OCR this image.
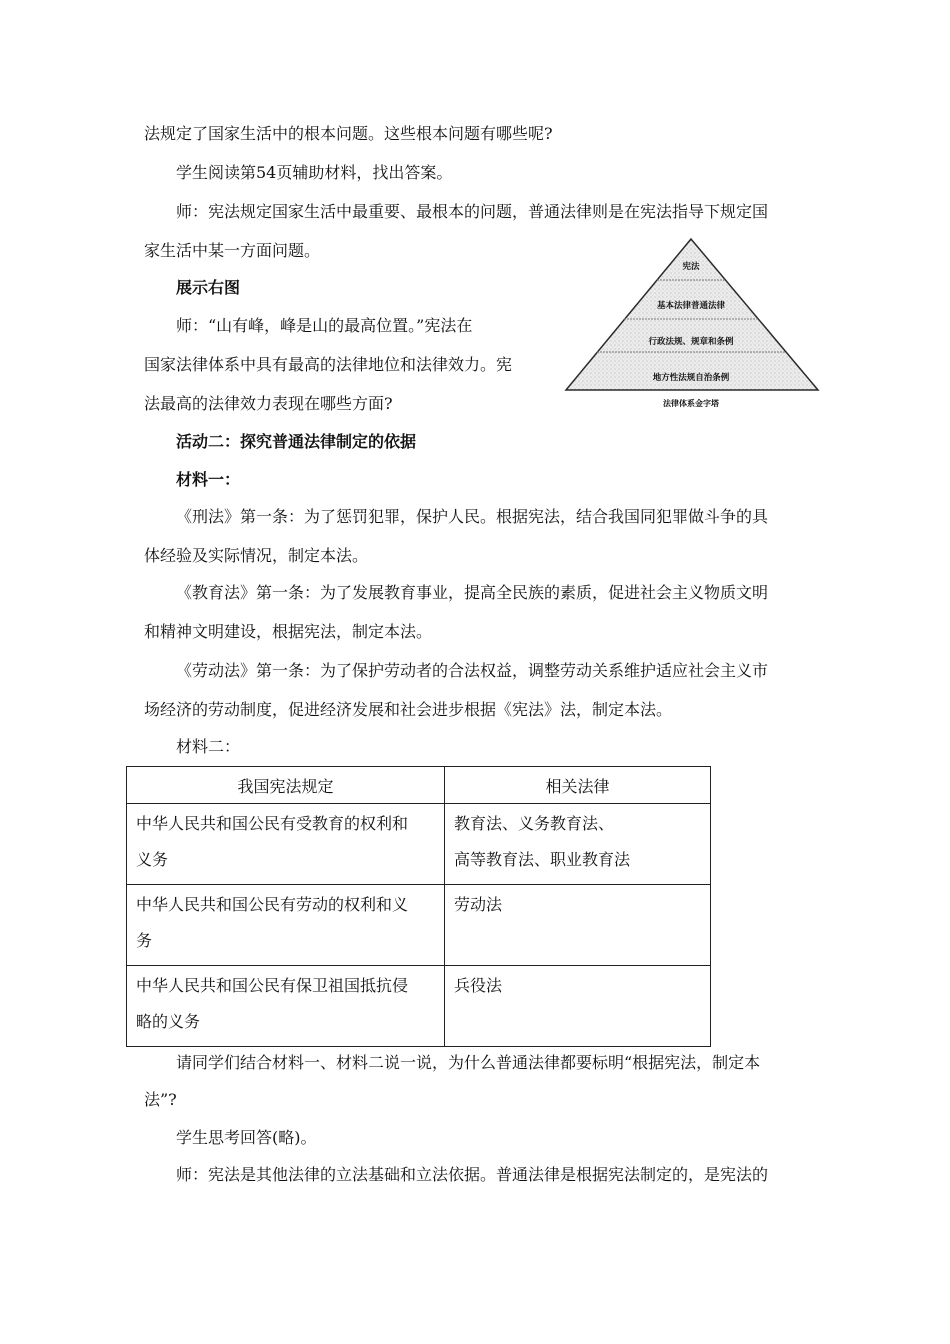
法规定了国家生活中的根本问题。这些根本问题有哪些呢?

学生阅读第54页辅助材料，找出答案。

师：宪法规定国家生活中最重要、最根本的问题，普通法律则是在宪法指导下规定国

家生活中某一方面问题。

展示右图

师：“山有峰，峰是山的最高位置。”宪法在

国家法律体系中具有最高的法律地位和法律效力。宪

法最高的法律效力表现在哪些方面?

活动二：探究普通法律制定的依据

材料一：

《刑法》第一条：为了惩罚犯罪，保护人民。根据宪法，结合我国同犯罪做斗争的具

体经验及实际情况，制定本法。

《教育法》第一条：为了发展教育事业，提高全民族的素质，促进社会主义物质文明

和精神文明建设，根据宪法，制定本法。

《劳动法》第一条：为了保护劳动者的合法权益，调整劳动关系维护适应社会主义市

场经济的劳动制度，促进经济发展和社会进步根据《宪法》法，制定本法。

材料二：

宪法
基本法律普通法律
行政法规、规章和条例
地方性法规自治条例
法律体系金字塔
我国宪法规定	相关法律
中华人民共和国公民有受教育的权利和
义务	教育法、义务教育法、
高等教育法、职业教育法

中华人民共和国公民有劳动的权利和义
务	劳动法

中华人民共和国公民有保卫祖国抵抗侵
略的义务	兵役法

请同学们结合材料一、材料二说一说，为什么普通法律都要标明“根据宪法，制定本

法”?

学生思考回答(略)。

师：宪法是其他法律的立法基础和立法依据。普通法律是根据宪法制定的，是宪法的
